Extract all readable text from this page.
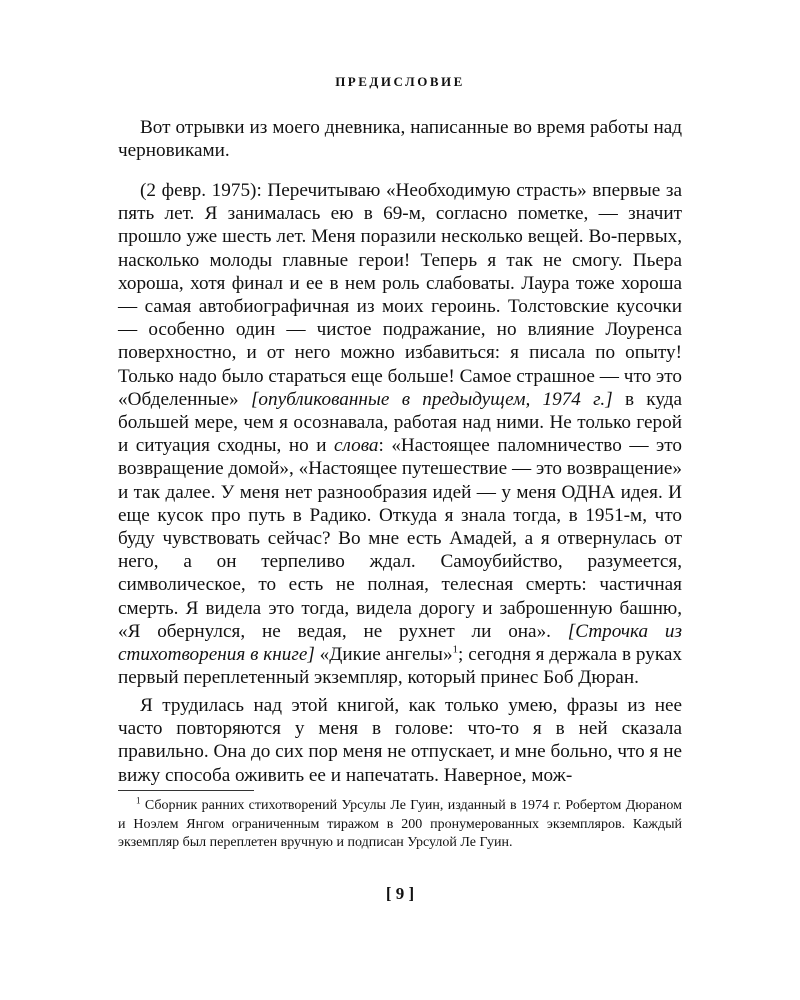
ПРЕДИСЛОВИЕ

Вот отрывки из моего дневника, написанные во время работы над черновиками.

(2 февр. 1975): Перечитываю «Необходимую страсть» впервые за пять лет. Я занималась ею в 69-м, согласно пометке, — значит прошло уже шесть лет. Меня поразили несколько вещей. Во-первых, насколько молоды главные герои! Теперь я так не смогу. Пьера хороша, хотя финал и ее в нем роль слабоваты. Лаура тоже хороша — самая автобиографичная из моих героинь. Толстовские кусочки — особенно один — чистое подражание, но влияние Лоуренса поверхностно, и от него можно избавиться: я писала по опыту! Только надо было стараться еще больше! Самое страшное — что это «Обделенные» [опубликованные в предыдущем, 1974 г.] в куда большей мере, чем я осознавала, работая над ними. Не только герой и ситуация сходны, но и слова: «Настоящее паломничество — это возвращение домой», «Настоящее путешествие — это возвращение» и так далее. У меня нет разнообразия идей — у меня ОДНА идея. И еще кусок про путь в Радико. Откуда я знала тогда, в 1951-м, что буду чувствовать сейчас? Во мне есть Амадей, а я отвернулась от него, а он терпеливо ждал. Самоубийство, разумеется, символическое, то есть не полная, телесная смерть: частичная смерть. Я видела это тогда, видела дорогу и заброшенную башню, «Я обернулся, не ведая, не рухнет ли она». [Строчка из стихотворения в книге] «Дикие ангелы»$^1$; сегодня я держала в руках первый переплетенный экземпляр, который принес Боб Дюран.

Я трудилась над этой книгой, как только умею, фразы из нее часто повторяются у меня в голове: что-то я в ней сказала правильно. Она до сих пор меня не отпускает, и мне больно, что я не вижу способа оживить ее и напечатать. Наверное, мож-

$^1$ Сборник ранних стихотворений Урсулы Ле Гуин, изданный в 1974 г. Робертом Дюраном и Ноэлем Янгом ограниченным тиражом в 200 пронумерованных экземпляров. Каждый экземпляр был переплетен вручную и подписан Урсулой Ле Гуин.

[ 9 ]
